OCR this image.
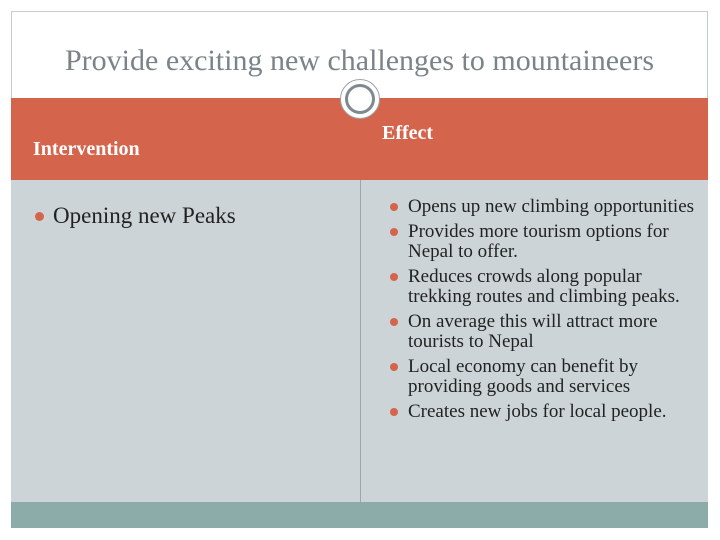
Provide exciting new challenges to mountaineers
Intervention
Effect
Opening new Peaks	Opens up new climbing opportunities
Provides more tourism options for Nepal to offer.
Reduces crowds along popular trekking routes and climbing peaks.
On average this will attract more tourists to Nepal
Local economy can benefit by providing goods and services
Creates new jobs for local people.
